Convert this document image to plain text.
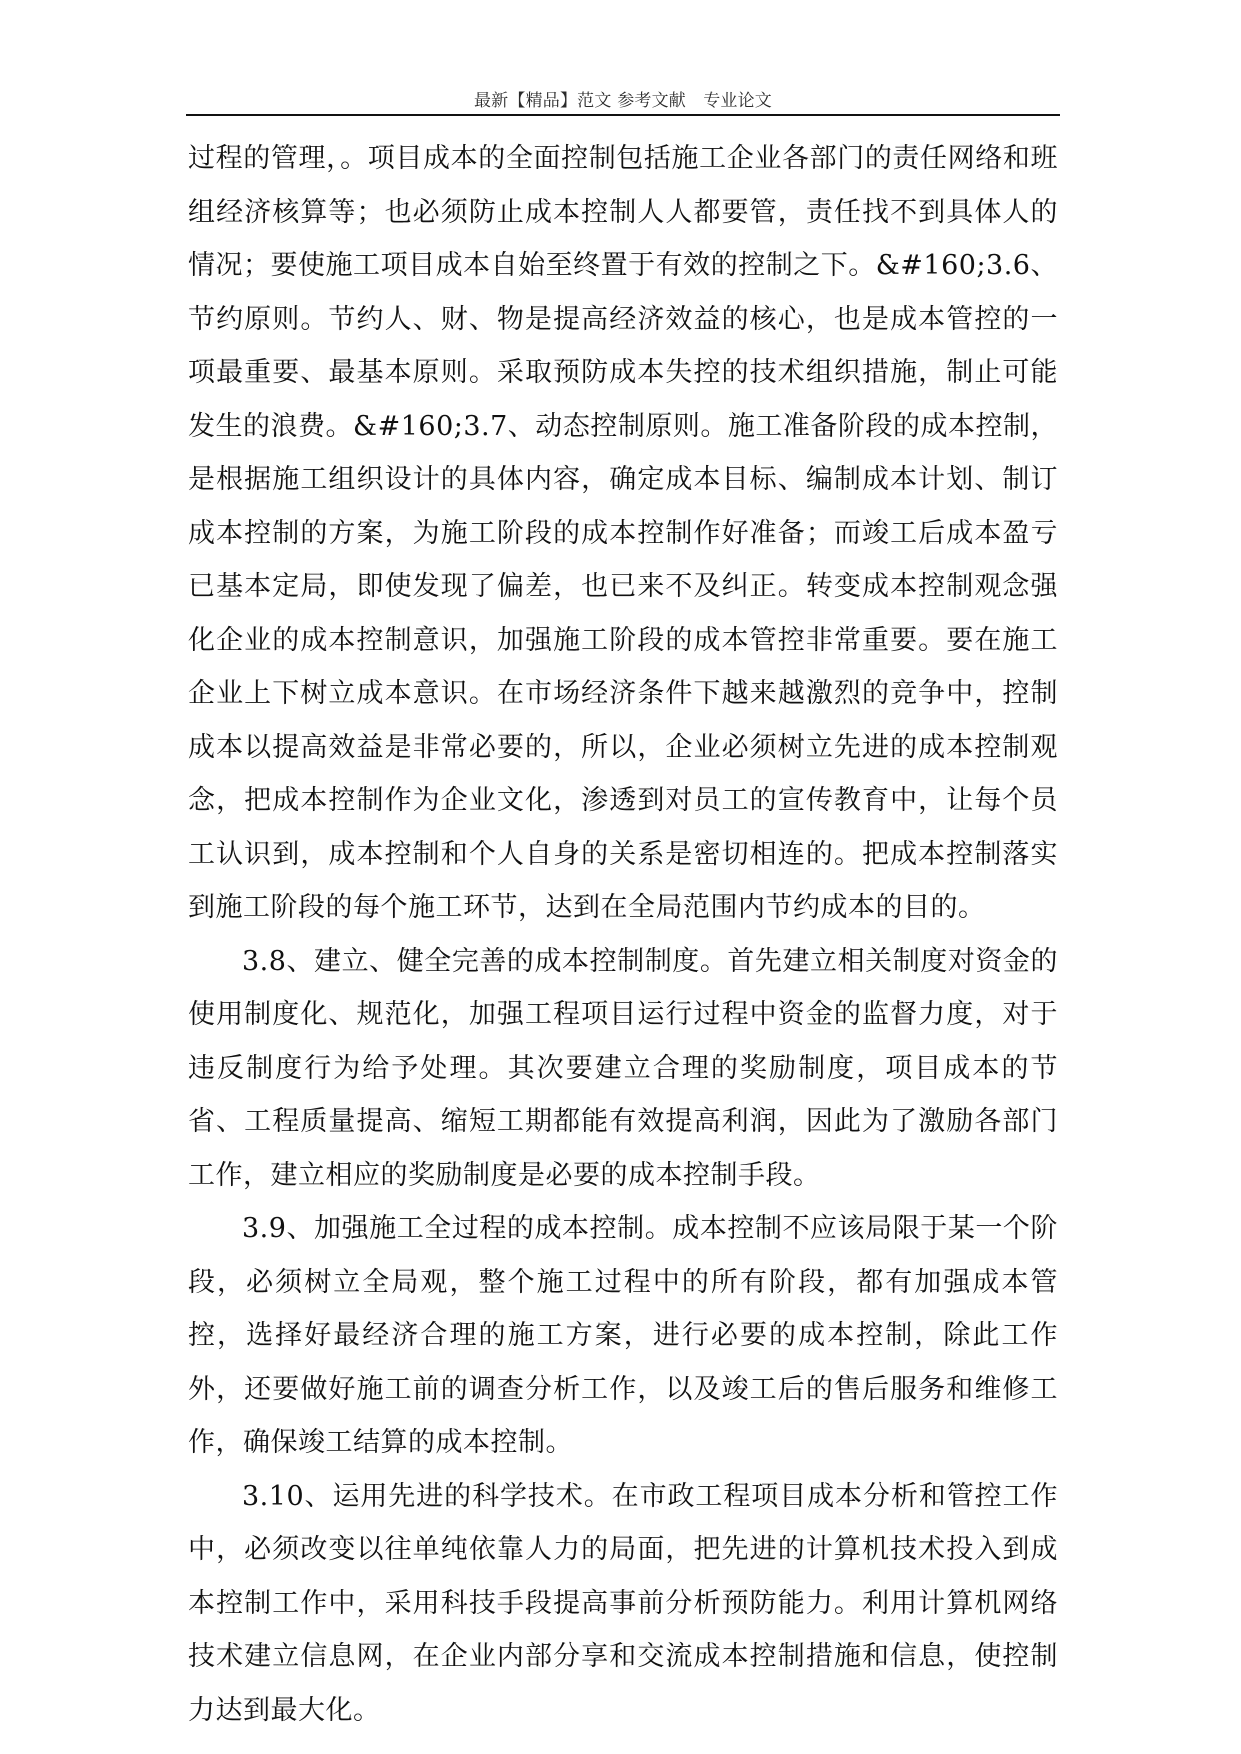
最新【精品】范文 参考文献　专业论文

过程的管理，。项目成本的全面控制包括施工企业各部门的责任网络和班组经济核算等；也必须防止成本控制人人都要管，责任找不到具体人的情况；要使施工项目成本自始至终置于有效的控制之下。&#160;3.6、节约原则。节约人、财、物是提高经济效益的核心，也是成本管控的一项最重要、最基本原则。采取预防成本失控的技术组织措施，制止可能发生的浪费。&#160;3.7、动态控制原则。施工准备阶段的成本控制，是根据施工组织设计的具体内容，确定成本目标、编制成本计划、制订成本控制的方案，为施工阶段的成本控制作好准备；而竣工后成本盈亏已基本定局，即使发现了偏差，也已来不及纠正。转变成本控制观念强化企业的成本控制意识，加强施工阶段的成本管控非常重要。要在施工企业上下树立成本意识。在市场经济条件下越来越激烈的竞争中，控制成本以提高效益是非常必要的，所以，企业必须树立先进的成本控制观念，把成本控制作为企业文化，渗透到对员工的宣传教育中，让每个员工认识到，成本控制和个人自身的关系是密切相连的。把成本控制落实到施工阶段的每个施工环节，达到在全局范围内节约成本的目的。

3.8、建立、健全完善的成本控制制度。首先建立相关制度对资金的使用制度化、规范化，加强工程项目运行过程中资金的监督力度，对于违反制度行为给予处理。其次要建立合理的奖励制度，项目成本的节省、工程质量提高、缩短工期都能有效提高利润，因此为了激励各部门工作，建立相应的奖励制度是必要的成本控制手段。

3.9、加强施工全过程的成本控制。成本控制不应该局限于某一个阶段，必须树立全局观，整个施工过程中的所有阶段，都有加强成本管控，选择好最经济合理的施工方案，进行必要的成本控制，除此工作外，还要做好施工前的调查分析工作，以及竣工后的售后服务和维修工作，确保竣工结算的成本控制。

3.10、运用先进的科学技术。在市政工程项目成本分析和管控工作中，必须改变以往单纯依靠人力的局面，把先进的计算机技术投入到成本控制工作中，采用科技手段提高事前分析预防能力。利用计算机网络技术建立信息网，在企业内部分享和交流成本控制措施和信息，使控制力达到最大化。
